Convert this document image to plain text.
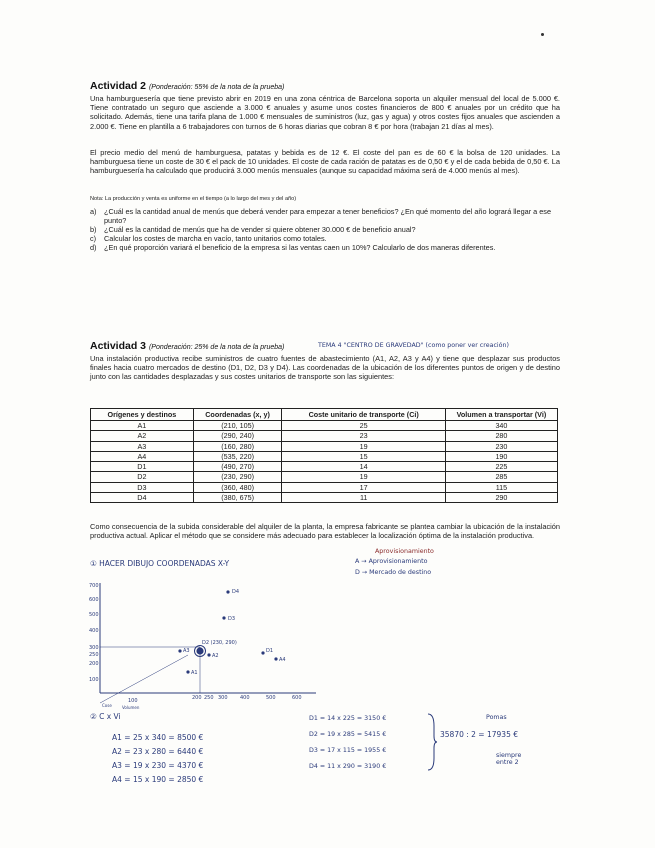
Actividad 2 (Ponderación: 55% de la nota de la prueba)
Una hamburguesería que tiene previsto abrir en 2019 en una zona céntrica de Barcelona soporta un alquiler mensual del local de 5.000 €. Tiene contratado un seguro que asciende a 3.000 € anuales y asume unos costes financieros de 800 € anuales por un crédito que ha solicitado. Además, tiene una tarifa plana de 1.000 € mensuales de suministros (luz, gas y agua) y otros costes fijos anuales que ascienden a 2.000 €. Tiene en plantilla a 6 trabajadores con turnos de 6 horas diarias que cobran 8 € por hora (trabajan 21 días al mes).
El precio medio del menú de hamburguesa, patatas y bebida es de 12 €. El coste del pan es de 60 € la bolsa de 120 unidades. La hamburguesa tiene un coste de 30 € el pack de 10 unidades. El coste de cada ración de patatas es de 0,50 € y el de cada bebida de 0,50 €. La hamburguesería ha calculado que producirá 3.000 menús mensuales (aunque su capacidad máxima será de 4.000 menús al mes).
Nota: La producción y venta es uniforme en el tiempo (a lo largo del mes y del año)
a) ¿Cuál es la cantidad anual de menús que deberá vender para empezar a tener beneficios? ¿En qué momento del año logrará llegar a ese punto?
b) ¿Cuál es la cantidad de menús que ha de vender si quiere obtener 30.000 € de beneficio anual?
c) Calcular los costes de marcha en vacío, tanto unitarios como totales.
d) ¿En qué proporción variará el beneficio de la empresa si las ventas caen un 10%? Calcularlo de dos maneras diferentes.
Actividad 3 (Ponderación: 25% de la nota de la prueba)	TEMA 4 "CENTRO DE GRAVEDAD" (como poner ver creación)
Una instalación productiva recibe suministros de cuatro fuentes de abastecimiento (A1, A2, A3 y A4) y tiene que desplazar sus productos finales hacia cuatro mercados de destino (D1, D2, D3 y D4). Las coordenadas de la ubicación de los diferentes puntos de origen y de destino junto con las cantidades desplazadas y sus costes unitarios de transporte son las siguientes:
Orígenes y destinos	Coordenadas (x, y)	Coste unitario de transporte (Ci)	Volumen a transportar (Vi)
A1	(210, 105)	25	340
A2	(290, 240)	23	280
A3	(160, 280)	19	230
A4	(535, 220)	15	190
D1	(490, 270)	14	225
D2	(230, 290)	19	285
D3	(360, 480)	17	115
D4	(380, 675)	11	290
Como consecuencia de la subida considerable del alquiler de la planta, la empresa fabricante se plantea cambiar la ubicación de la instalación productiva actual. Aplicar el método que se considere más adecuado para establecer la localización óptima de la instalación productiva.
Aprovisionamiento
① HACER DIBUJO COORDENADAS X-Y	A → Aprovisionamiento
D → Mercado de destino
700
600
500
400
300
250
200
100
100	200 250 300 400	500	600
Cose	Volumen
D4
D3
D2 (230, 290)
D1
A1
A2
A3
A4
② C x Vi
A1 = 25 x 340 = 8500 €
A2 = 23 x 280 = 6440 €
A3 = 19 x 230 = 4370 €
A4 = 15 x 190 = 2850 €
D1 = 14 x 225 = 3150 €
D2 = 19 x 285 = 5415 €
D3 = 17 x 115 = 1955 €
D4 = 11 x 290 = 3190 €
Pomas
35870 : 2 = 17935 €
siempre entre 2
